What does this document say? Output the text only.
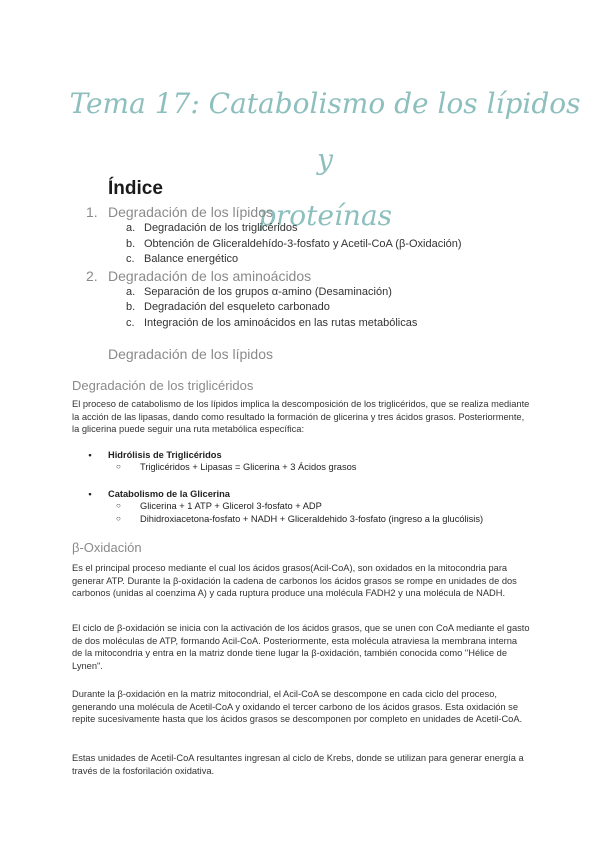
Tema 17: Catabolismo de los lípidos y
proteínas
Índice
1. Degradación de los lípidos
a. Degradación de los triglicéridos
b. Obtención de Gliceraldehído-3-fosfato y Acetil-CoA (β-Oxidación)
c. Balance energético
2. Degradación de los aminoácidos
a. Separación de los grupos α-amino (Desaminación)
b. Degradación del esqueleto carbonado
c. Integración de los aminoácidos en las rutas metabólicas
Degradación de los lípidos
Degradación de los triglicéridos

El proceso de catabolismo de los lípidos implica la descomposición de los triglicéridos, que se realiza mediante la acción de las lipasas, dando como resultado la formación de glicerina y tres ácidos grasos. Posteriormente, la glicerina puede seguir una ruta metabólica específica:

•	Hidrólisis de Triglicéridos
○	Triglicéridos + Lipasas = Glicerina + 3 Ácidos grasos
•	Catabolismo de la Glicerina
○	Glicerina + 1 ATP + Glicerol 3-fosfato + ADP
○	Dihidroxiacetona-fosfato + NADH + Gliceraldehido 3-fosfato (ingreso a la glucólisis)
β-Oxidación

Es el principal proceso mediante el cual los ácidos grasos(Acil-CoA), son oxidados en la mitocondria para generar ATP. Durante la β-oxidación la cadena de carbonos los ácidos grasos se rompe en unidades de dos carbonos (unidas al coenzima A) y cada ruptura produce una molécula FADH2 y una molécula de NADH.

El ciclo de β-oxidación se inicia con la activación de los ácidos grasos, que se unen con CoA mediante el gasto de dos moléculas de ATP, formando Acil-CoA. Posteriormente, esta molécula atraviesa la membrana interna de la mitocondria y entra en la matriz donde tiene lugar la β-oxidación, también conocida como "Hélice de Lynen".

Durante la β-oxidación en la matriz mitocondrial, el Acil-CoA se descompone en cada ciclo del proceso, generando una molécula de Acetil-CoA y oxidando el tercer carbono de los ácidos grasos. Esta oxidación se repite sucesivamente hasta que los ácidos grasos se descomponen por completo en unidades de Acetil-CoA.

Estas unidades de Acetil-CoA resultantes ingresan al ciclo de Krebs, donde se utilizan para generar energía a través de la fosforilación oxidativa.
